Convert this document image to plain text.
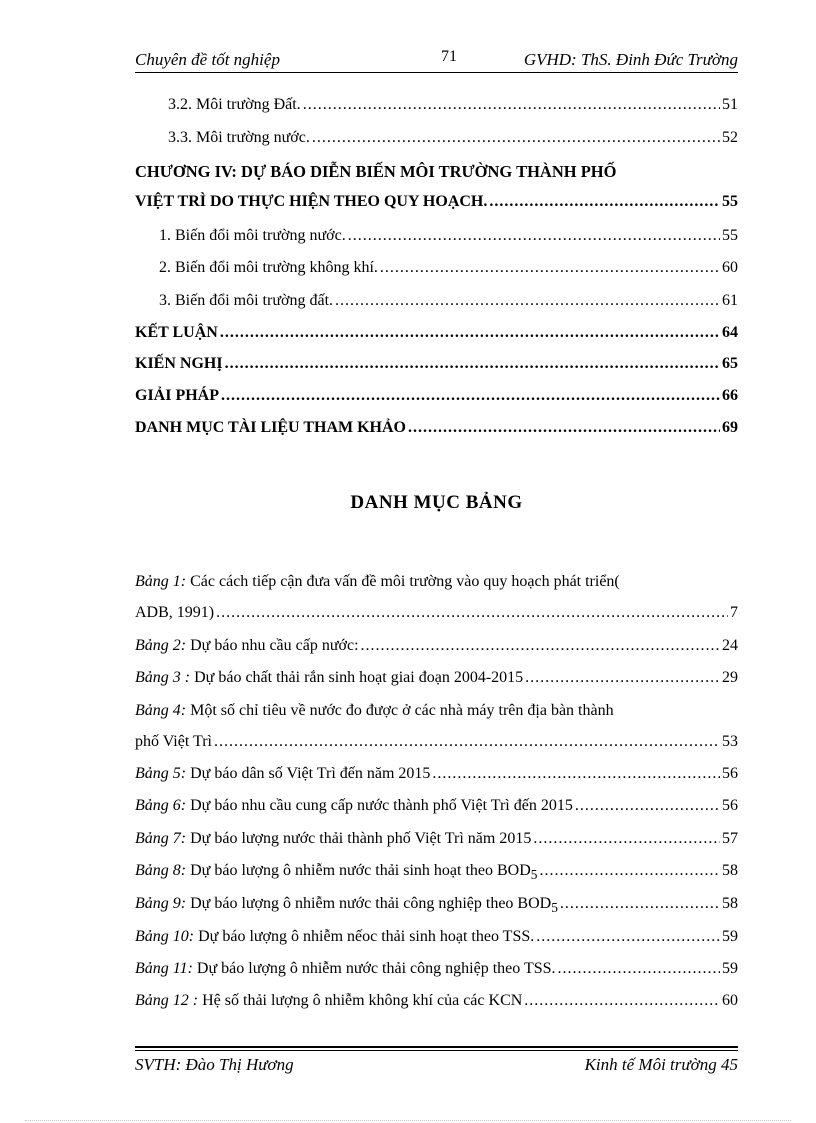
Chuyên đề tốt nghiệp	71	GVHD: ThS. Đinh Đức Trường
3.2. Môi trường Đất. .....	51
3.3. Môi trường nước. .....	52
CHƯƠNG IV: DỰ BÁO DIỄN BIẾN MÔI TRƯỜNG THÀNH PHỐ
VIỆT TRÌ DO THỰC HIỆN THEO QUY HOẠCH. .....	55
1. Biến đổi môi trường nước. .....	55
2. Biến đổi môi trường không khí. .....	60
3. Biến đổi môi trường đất. .....	61
KẾT LUẬN .....	64
KIẾN NGHỊ .....	65
GIẢI PHÁP .....	66
DANH MỤC TÀI LIỆU THAM KHẢO .....	69
DANH MỤC BẢNG
Bảng 1: Các cách tiếp cận đưa vấn đề môi trường vào quy hoạch phát triển(
ADB, 1991) .....	7
Bảng 2: Dự báo nhu cầu cấp nước: .....	24
Bảng 3 : Dự báo chất thải rắn sinh hoạt giai đoạn 2004-2015 .....	29
Bảng 4: Một số chỉ tiêu về nước đo được ở các nhà máy trên địa bàn thành
phố Việt Trì .....	53
Bảng 5: Dự báo dân số Việt Trì đến năm 2015 .....	56
Bảng 6: Dự báo nhu cầu cung cấp nước thành phố Việt Trì đến 2015 .....	56
Bảng 7: Dự báo lượng nước thải thành phố Việt Trì năm 2015 .....	57
Bảng 8: Dự báo lượng ô nhiễm nước thải sinh hoạt theo $BOD_5$ .....	58
Bảng 9: Dự báo lượng ô nhiễm nước thải công nghiệp theo $BOD_5$ .....	58
Bảng 10: Dự báo lượng ô nhiễm nếoc thải sinh hoạt theo TSS. .....	59
Bảng 11: Dự báo lượng ô nhiễm nước thải công nghiệp theo TSS. .....	59
Bảng 12 : Hệ số thải lượng ô nhiễm không khí của các KCN .....	60
SVTH: Đào Thị Hương	Kinh tế Môi trường 45
